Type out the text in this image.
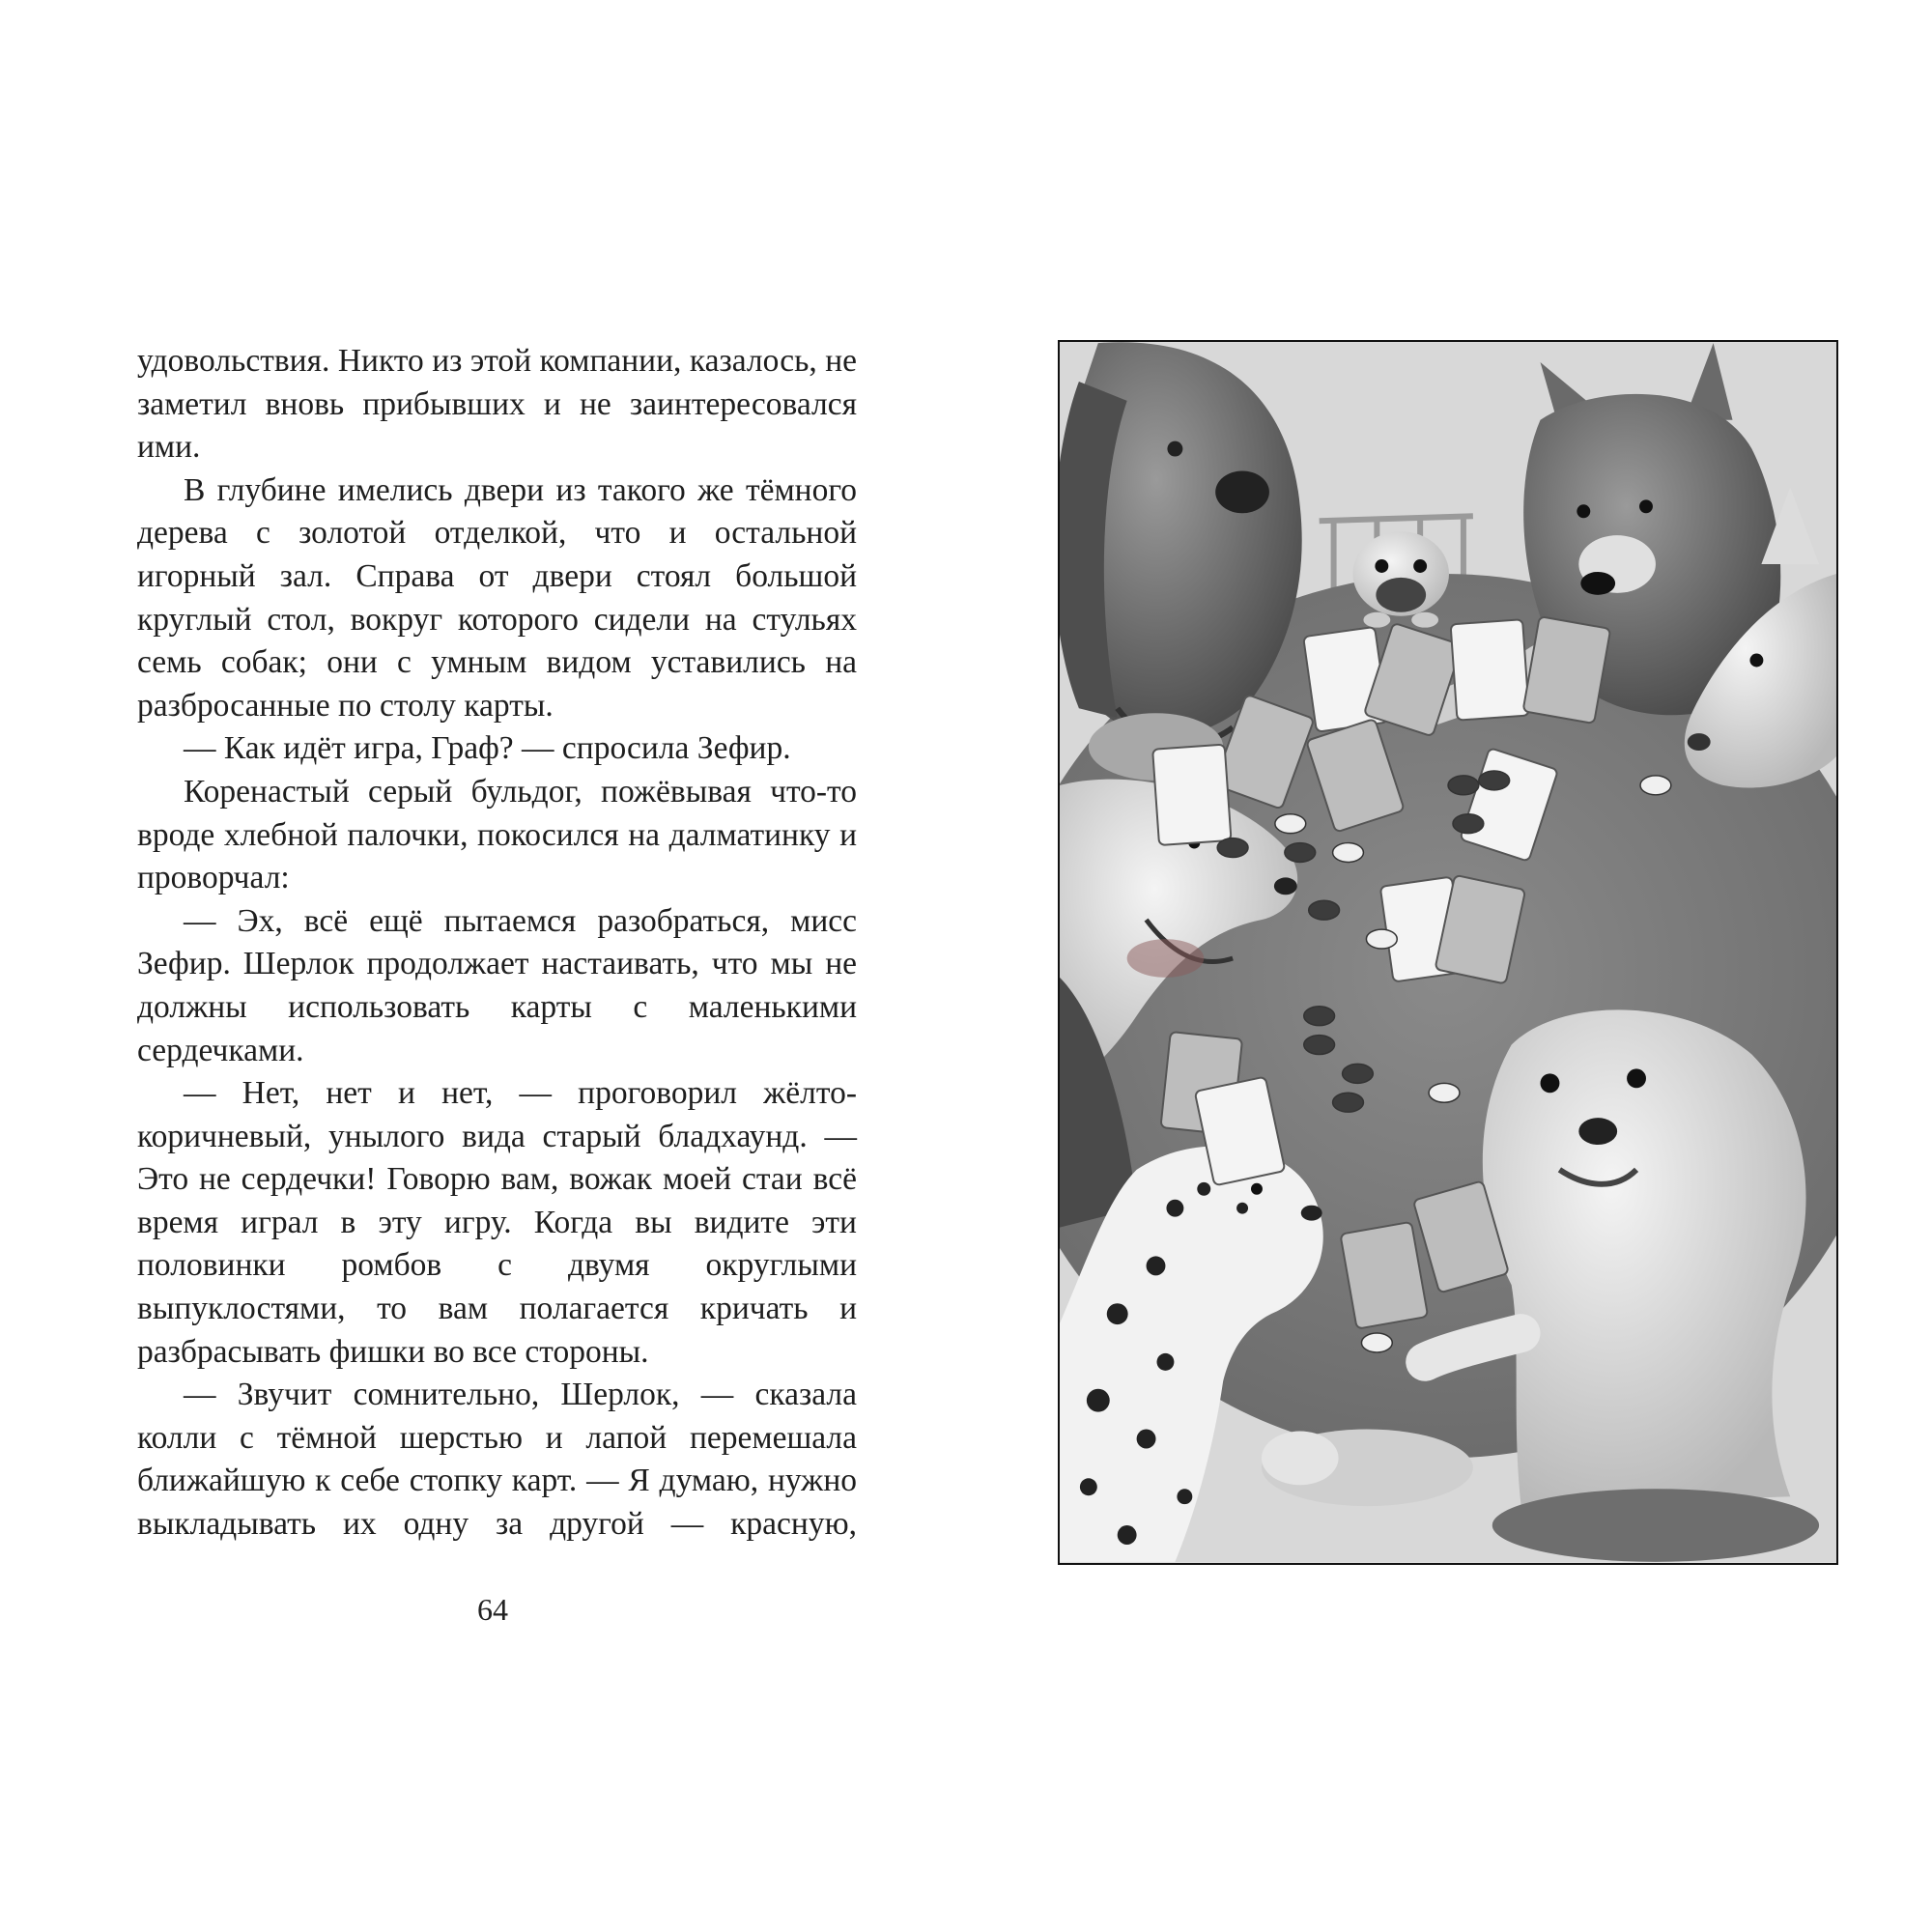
удовольствия. Никто из этой компании, казалось, не заметил вновь прибывших и не заинтересовался ими.

В глубине имелись двери из такого же тёмного дерева с золотой отделкой, что и остальной игорный зал. Справа от двери стоял большой круглый стол, вокруг которого сидели на стульях семь собак; они с умным видом уставились на разбросанные по столу карты.

— Как идёт игра, Граф? — спросила Зефир.

Коренастый серый бульдог, пожёвывая что-то вроде хлебной палочки, покосился на далматинку и проворчал:

— Эх, всё ещё пытаемся разобраться, мисс Зефир. Шерлок продолжает настаивать, что мы не должны использовать карты с маленькими сердечками.

— Нет, нет и нет, — проговорил жёлто-коричневый, унылого вида старый бладхаунд. — Это не сердечки! Говорю вам, вожак моей стаи всё время играл в эту игру. Когда вы видите эти половинки ромбов с двумя округлыми выпуклостями, то вам полагается кричать и разбрасывать фишки во все стороны.

— Звучит сомнительно, Шерлок, — сказала колли с тёмной шерстью и лапой перемешала ближайшую к себе стопку карт. — Я думаю, нужно выкладывать их одну за другой — красную,

64
